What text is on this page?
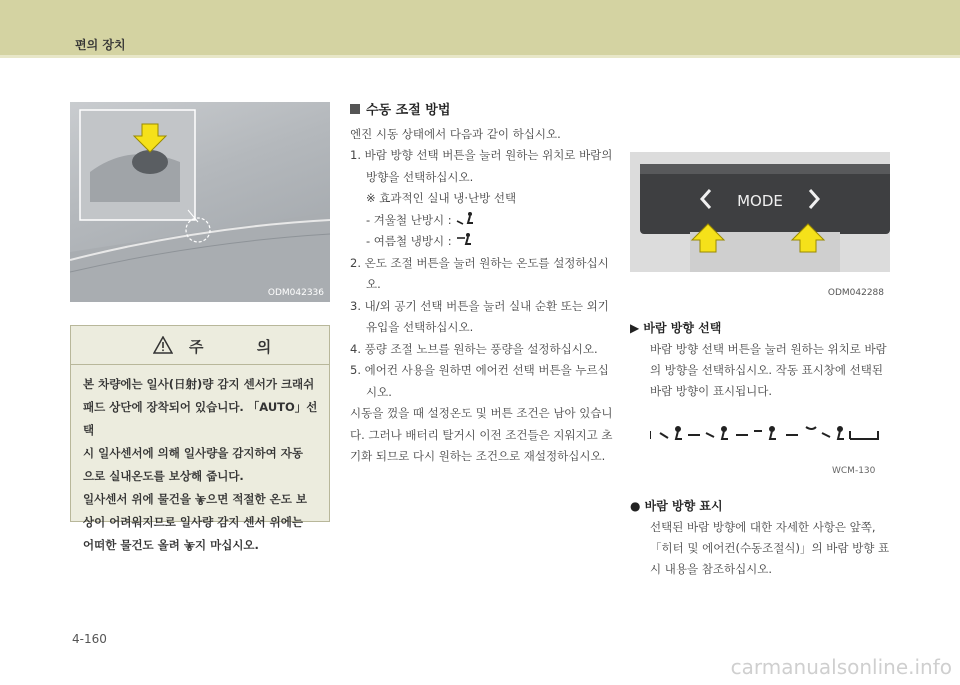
편의 장치
ODM042336
주 의
본 차량에는 일사(日射)량 감지 센서가 크래쉬
패드 상단에 장착되어 있습니다. 「AUTO」선택
시 일사센서에 의해 일사량을 감지하여 자동
으로 실내온도를 보상해 줍니다.
일사센서 위에 물건을 놓으면 적절한 온도 보
상이 어려워지므로 일사량 감지 센서 위에는
어떠한 물건도 올려 놓지 마십시오.
수동 조절 방법
엔진 시동 상태에서 다음과 같이 하십시오.
1. 바람 방향 선택 버튼을 눌러 원하는 위치로 바람의 방향을 선택하십시오.
※ 효과적인 실내 냉·난방 선택
- 겨울철 난방시 :
- 여름철 냉방시 :
2. 온도 조절 버튼을 눌러 원하는 온도를 설정하십시오.
3. 내/외 공기 선택 버튼을 눌러 실내 순환 또는 외기 유입을 선택하십시오.
4. 풍량 조절 노브를 원하는 풍량을 설정하십시오.
5. 에어컨 사용을 원하면 에어컨 선택 버튼을 누르십시오.
시동을 껐을 때 설정온도 및 버튼 조건은 남아 있습니다. 그러나 배터리 탈거시 이전 조건들은 지워지고 초기화 되므로 다시 원하는 조건으로 재설정하십시오.
MODE
ODM042288
▶ 바람 방향 선택
바람 방향 선택 버튼을 눌러 원하는 위치로 바람의 방향을 선택하십시오. 작동 표시창에 선택된 바람 방향이 표시됩니다.
WCM-130
● 바람 방향 표시
선택된 바람 방향에 대한 자세한 사항은 앞쪽, 「히터 및 에어컨(수동조절식)」의 바람 방향 표시 내용을 참조하십시오.
4-160
carmanualsonline.info
